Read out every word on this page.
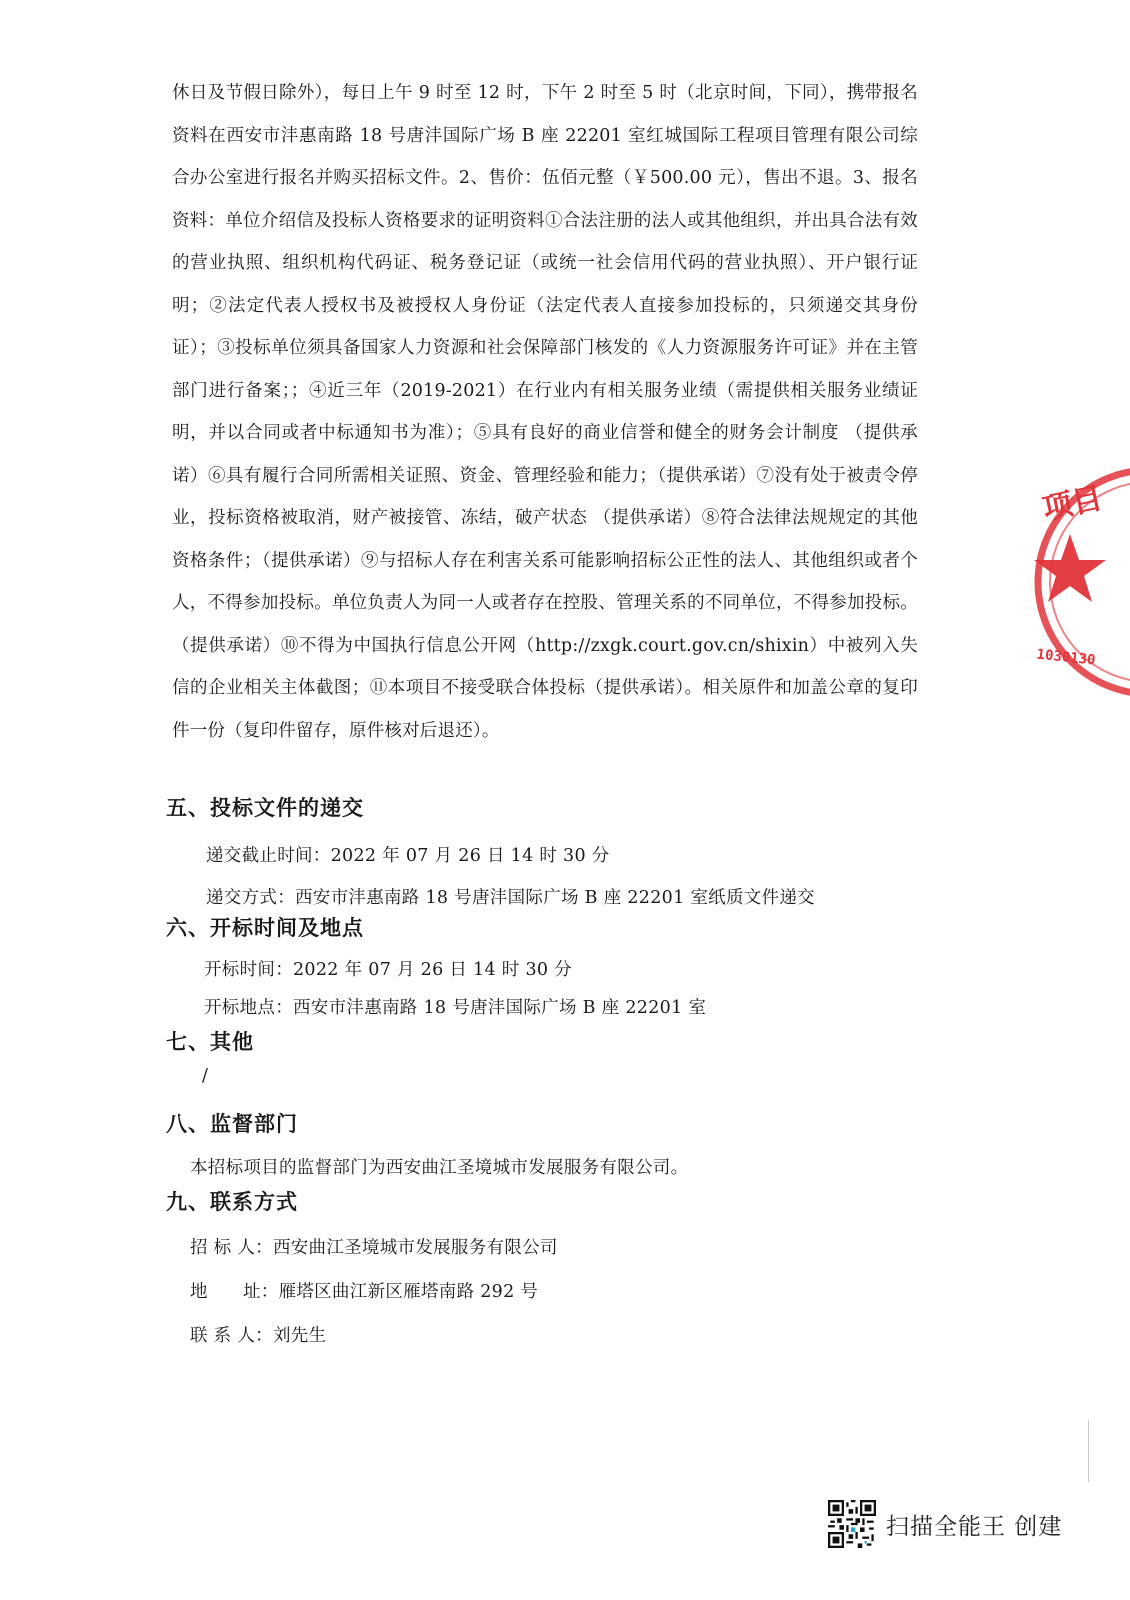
休日及节假日除外），每日上午 9 时至 12 时，下午 2 时至 5 时（北京时间，下同），携带报名资料在西安市沣惠南路 18 号唐沣国际广场 B 座 22201 室红城国际工程项目管理有限公司综合办公室进行报名并购买招标文件。2、售价：伍佰元整（￥500.00 元），售出不退。3、报名资料：单位介绍信及投标人资格要求的证明资料①合法注册的法人或其他组织，并出具合法有效的营业执照、组织机构代码证、税务登记证（或统一社会信用代码的营业执照）、开户银行证明；②法定代表人授权书及被授权人身份证（法定代表人直接参加投标的，只须递交其身份证）；③投标单位须具备国家人力资源和社会保障部门核发的《人力资源服务许可证》并在主管部门进行备案；；④近三年（2019-2021）在行业内有相关服务业绩（需提供相关服务业绩证明，并以合同或者中标通知书为准）；⑤具有良好的商业信誉和健全的财务会计制度 （提供承诺）⑥具有履行合同所需相关证照、资金、管理经验和能力；（提供承诺）⑦没有处于被责令停业，投标资格被取消，财产被接管、冻结，破产状态 （提供承诺）⑧符合法律法规规定的其他资格条件；（提供承诺）⑨与招标人存在利害关系可能影响招标公正性的法人、其他组织或者个人，不得参加投标。单位负责人为同一人或者存在控股、管理关系的不同单位，不得参加投标。（提供承诺）⑩不得为中国执行信息公开网（http://zxgk.court.gov.cn/shixin）中被列入失信的企业相关主体截图；⑪本项目不接受联合体投标（提供承诺）。相关原件和加盖公章的复印件一份（复印件留存，原件核对后退还）。

五、投标文件的递交

递交截止时间：2022 年 07 月 26 日 14 时 30 分

递交方式：西安市沣惠南路 18 号唐沣国际广场 B 座 22201 室纸质文件递交

六、开标时间及地点

开标时间：2022 年 07 月 26 日 14 时 30 分

开标地点：西安市沣惠南路 18 号唐沣国际广场 B 座 22201 室

七、其他

/

八、监督部门

本招标项目的监督部门为西安曲江圣境城市发展服务有限公司。

九、联系方式

招 标 人：西安曲江圣境城市发展服务有限公司

地      址：雁塔区曲江新区雁塔南路 292 号

联 系 人：刘先生

项目
1030130
扫描全能王 创建
